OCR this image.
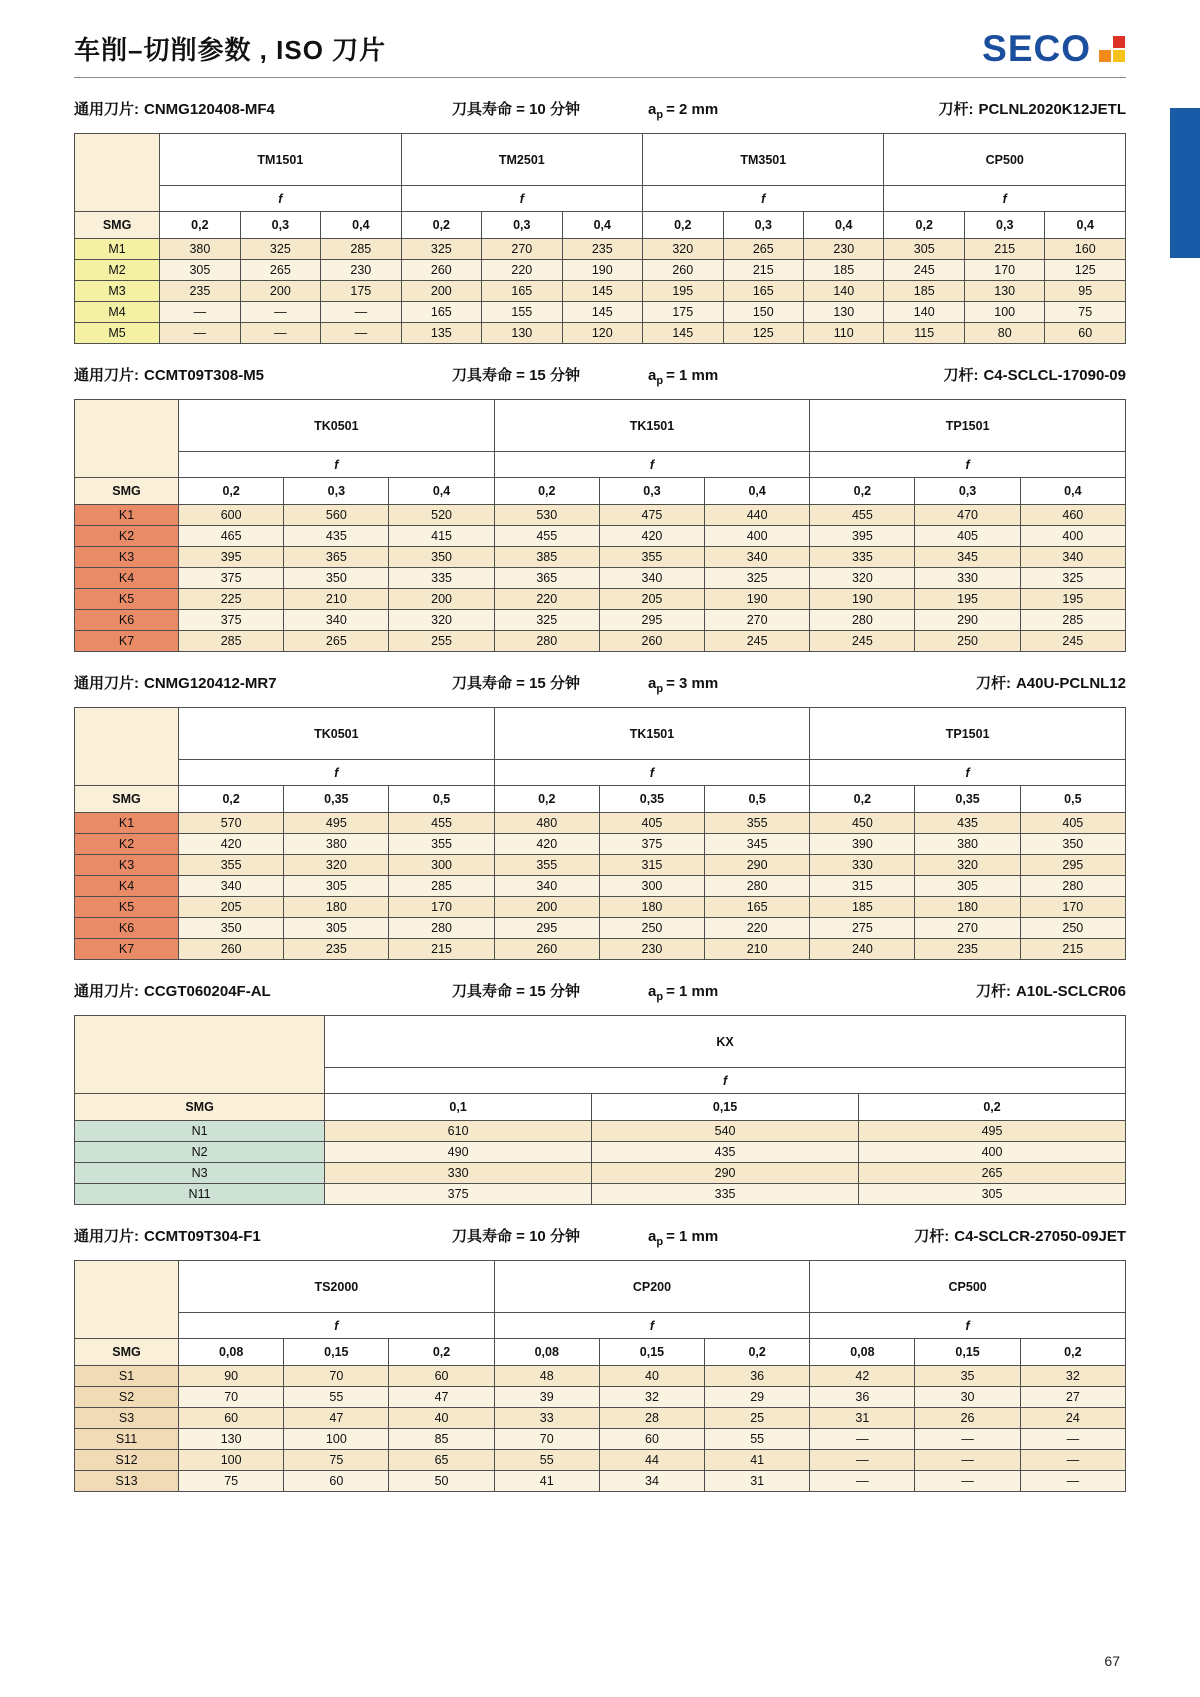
车削–切削参数 , ISO 刀片	SECO
通用刀片: CNMG120408-MF4	刀具寿命 = 10 分钟	$a_p = 2$ mm	刀杆: PCLNL2020K12JETL
	TM1501			TM2501			TM3501			CP500		
	f			f			f			f		
SMG	0,2	0,3	0,4	0,2	0,3	0,4	0,2	0,3	0,4	0,2	0,3	0,4
M1	380	325	285	325	270	235	320	265	230	305	215	160
M2	305	265	230	260	220	190	260	215	185	245	170	125
M3	235	200	175	200	165	145	195	165	140	185	130	95
M4	—	—	—	165	155	145	175	150	130	140	100	75
M5	—	—	—	135	130	120	145	125	110	115	80	60
通用刀片: CCMT09T308-M5	刀具寿命 = 15 分钟	$a_p = 1$ mm	刀杆: C4-SCLCL-17090-09
	TK0501			TK1501			TP1501		
	f			f			f		
SMG	0,2	0,3	0,4	0,2	0,3	0,4	0,2	0,3	0,4
K1	600	560	520	530	475	440	455	470	460
K2	465	435	415	455	420	400	395	405	400
K3	395	365	350	385	355	340	335	345	340
K4	375	350	335	365	340	325	320	330	325
K5	225	210	200	220	205	190	190	195	195
K6	375	340	320	325	295	270	280	290	285
K7	285	265	255	280	260	245	245	250	245
通用刀片: CNMG120412-MR7	刀具寿命 = 15 分钟	$a_p = 3$ mm	刀杆: A40U-PCLNL12
	TK0501			TK1501			TP1501		
	f			f			f		
SMG	0,2	0,35	0,5	0,2	0,35	0,5	0,2	0,35	0,5
K1	570	495	455	480	405	355	450	435	405
K2	420	380	355	420	375	345	390	380	350
K3	355	320	300	355	315	290	330	320	295
K4	340	305	285	340	300	280	315	305	280
K5	205	180	170	200	180	165	185	180	170
K6	350	305	280	295	250	220	275	270	250
K7	260	235	215	260	230	210	240	235	215
通用刀片: CCGT060204F-AL	刀具寿命 = 15 分钟	$a_p = 1$ mm	刀杆: A10L-SCLCR06
	KX		
	f		
SMG	0,1	0,15	0,2
N1	610	540	495
N2	490	435	400
N3	330	290	265
N11	375	335	305
通用刀片: CCMT09T304-F1	刀具寿命 = 10 分钟	$a_p = 1$ mm	刀杆: C4-SCLCR-27050-09JET
	TS2000			CP200			CP500		
	f			f			f		
SMG	0,08	0,15	0,2	0,08	0,15	0,2	0,08	0,15	0,2
S1	90	70	60	48	40	36	42	35	32
S2	70	55	47	39	32	29	36	30	27
S3	60	47	40	33	28	25	31	26	24
S11	130	100	85	70	60	55	—	—	—
S12	100	75	65	55	44	41	—	—	—
S13	75	60	50	41	34	31	—	—	—
67
